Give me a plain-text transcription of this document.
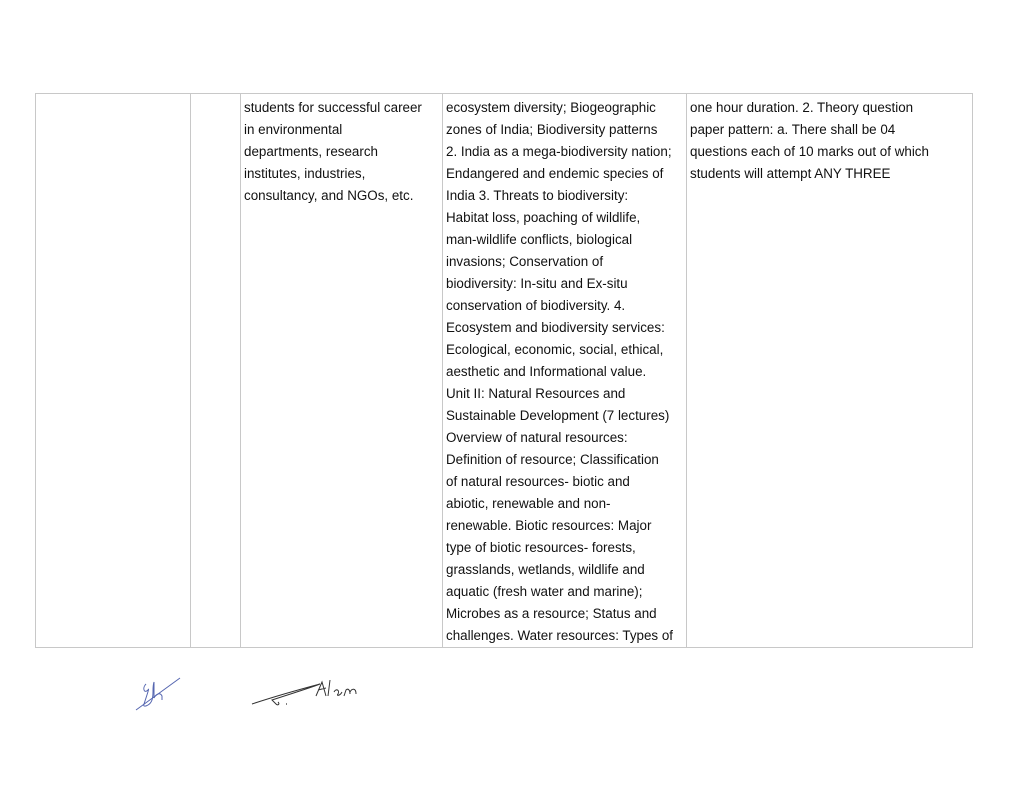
students for successful career
in environmental
departments, research
institutes, industries,
consultancy, and NGOs, etc.

ecosystem diversity; Biogeographic
zones of India; Biodiversity patterns
2. India as a mega-biodiversity nation;
Endangered and endemic species of
India 3. Threats to biodiversity:
Habitat loss, poaching of wildlife,
man-wildlife conflicts, biological
invasions; Conservation of
biodiversity: In-situ and Ex-situ
conservation of biodiversity. 4.
Ecosystem and biodiversity services:
Ecological, economic, social, ethical,
aesthetic and Informational value.
Unit II: Natural Resources and
Sustainable Development (7 lectures)
Overview of natural resources:
Definition of resource; Classification
of natural resources- biotic and
abiotic, renewable and non-
renewable. Biotic resources: Major
type of biotic resources- forests,
grasslands, wetlands, wildlife and
aquatic (fresh water and marine);
Microbes as a resource; Status and
challenges. Water resources: Types of

one hour duration. 2. Theory question
paper pattern: a. There shall be 04
questions each of 10 marks out of which
students will attempt ANY THREE
